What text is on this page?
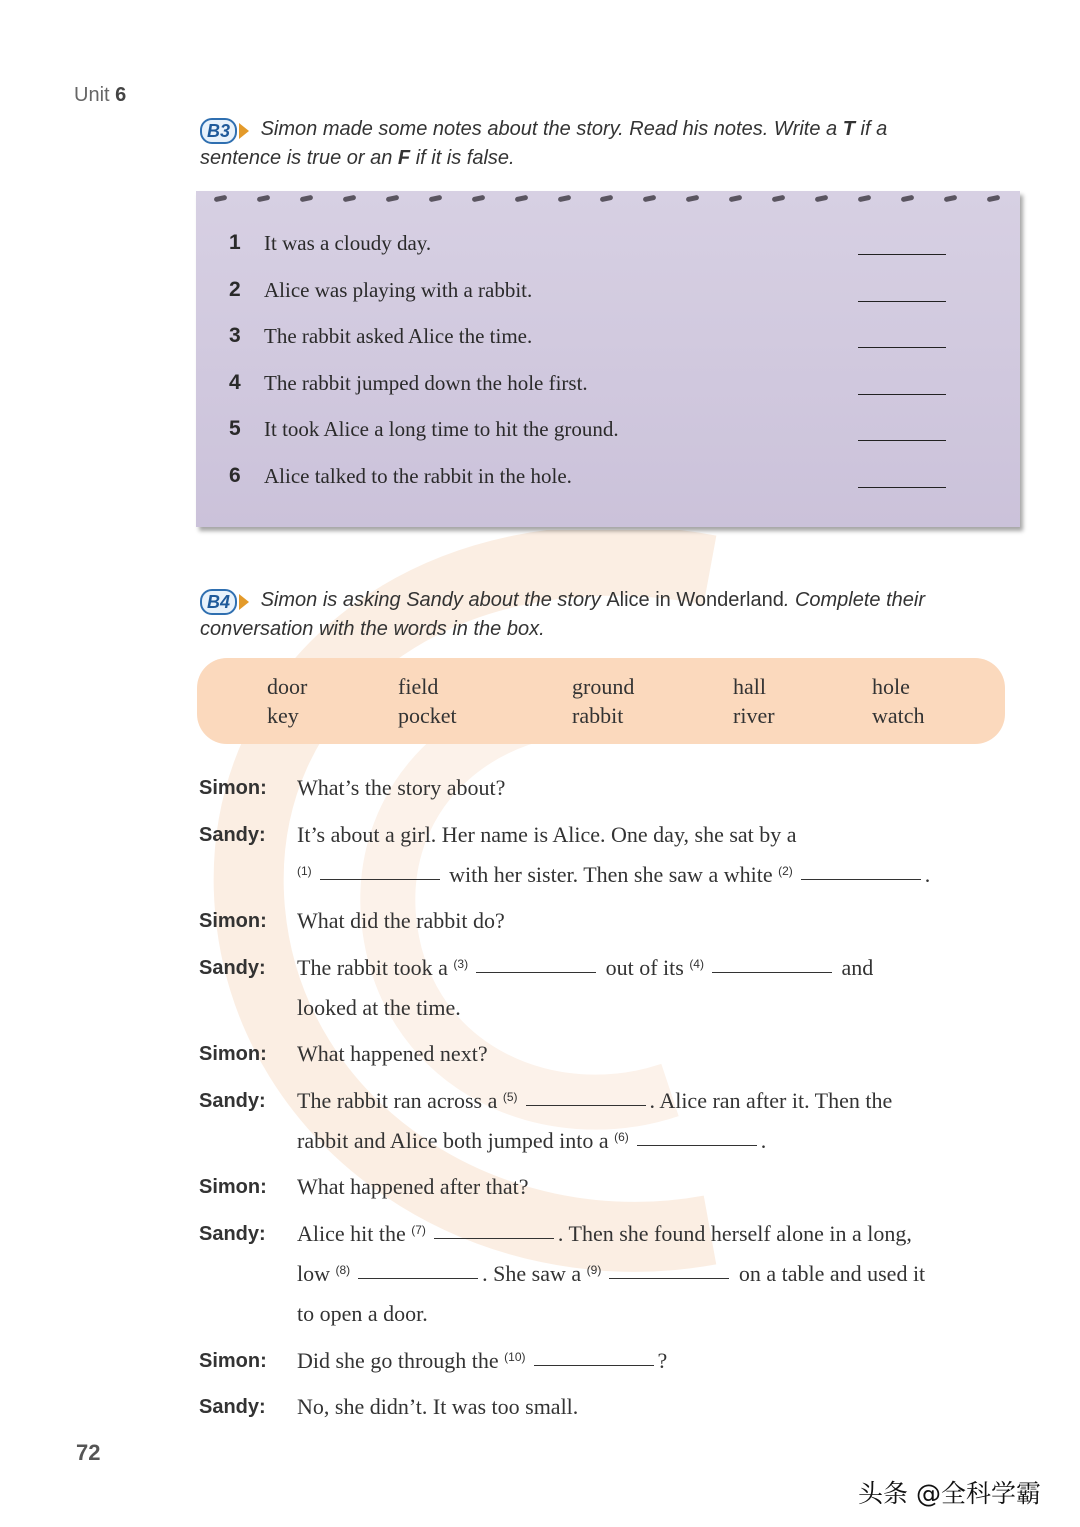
Unit 6
B3	Simon made some notes about the story. Read his notes. Write a T if a sentence is true or an F if it is false.
1 It was a cloudy day.
2 Alice was playing with a rabbit.
3 The rabbit asked Alice the time.
4 The rabbit jumped down the hole first.
5 It took Alice a long time to hit the ground.
6 Alice talked to the rabbit in the hole.
B4	Simon is asking Sandy about the story Alice in Wonderland. Complete their conversation with the words in the box.
door	field	ground	hall	hole
key	pocket	rabbit	river	watch
Simon: What’s the story about?
Sandy: It’s about a girl. Her name is Alice. One day, she sat by a
$^{(1)}$	with her sister. Then she saw a white $^{(2)}$	.
Simon: What did the rabbit do?
Sandy: The rabbit took a $^{(3)}$	out of its $^{(4)}$	and
looked at the time.
Simon: What happened next?
Sandy: The rabbit ran across a $^{(5)}$	. Alice ran after it. Then the
rabbit and Alice both jumped into a $^{(6)}$	.
Simon: What happened after that?
Sandy: Alice hit the $^{(7)}$	. Then she found herself alone in a long,
low $^{(8)}$	. She saw a $^{(9)}$	on a table and used it
to open a door.
Simon: Did she go through the $^{(10)}$	?
Sandy: No, she didn’t. It was too small.
72
头条 @全科学霸
